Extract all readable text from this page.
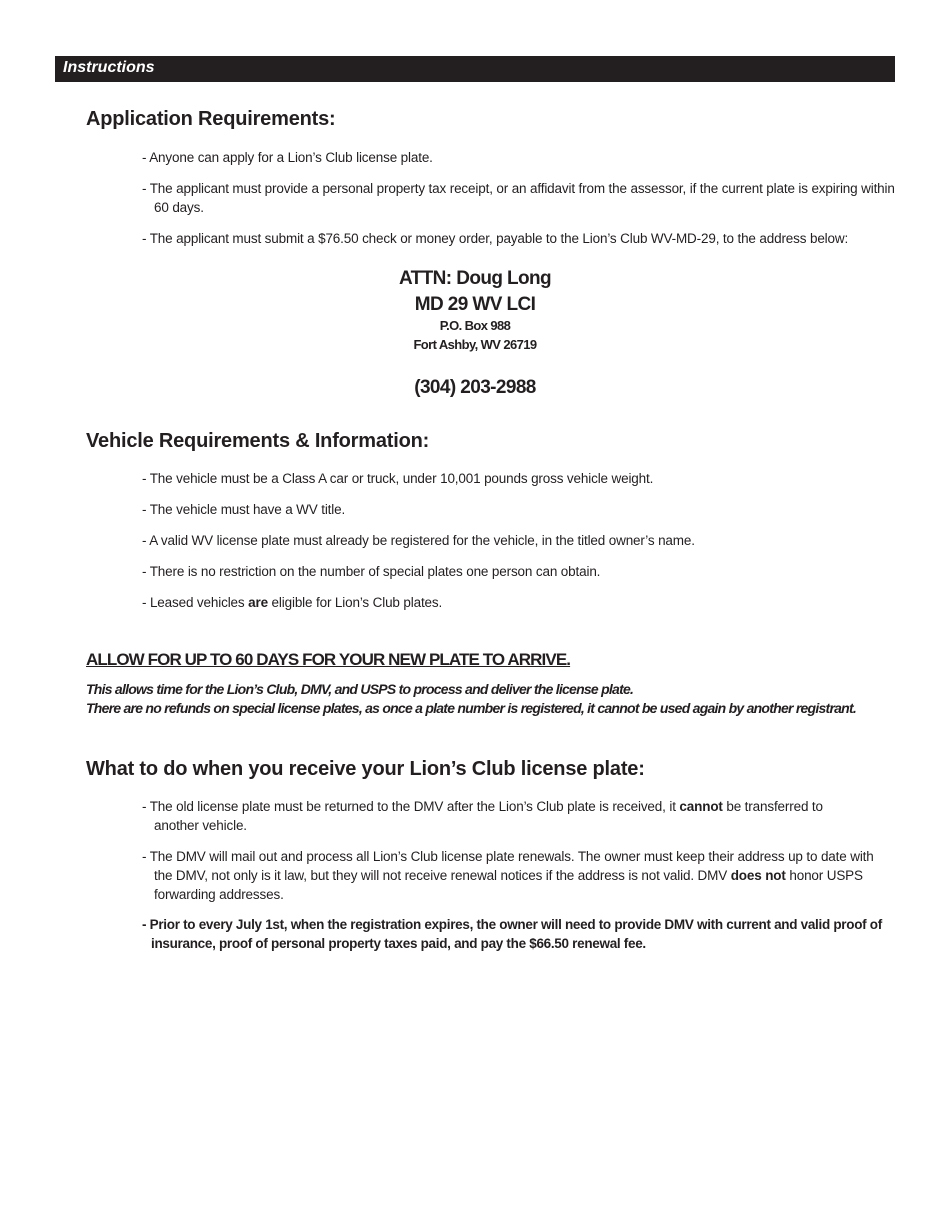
Instructions
Application Requirements:

- Anyone can apply for a Lion’s Club license plate.

- The applicant must provide a personal property tax receipt, or an affidavit from the assessor, if the current plate is expiring within 60 days.

- The applicant must submit a $76.50 check or money order, payable to the Lion’s Club WV-MD-29, to the address below:

ATTN: Doug Long

MD 29 WV LCI

P.O. Box 988

Fort Ashby, WV 26719

(304) 203-2988

Vehicle Requirements & Information:

- The vehicle must be a Class A car or truck, under 10,001 pounds gross vehicle weight.

- The vehicle must have a WV title.

- A valid WV license plate must already be registered for the vehicle, in the titled owner’s name.

- There is no restriction on the number of special plates one person can obtain.

- Leased vehicles are eligible for Lion’s Club plates.

ALLOW FOR UP TO 60 DAYS FOR YOUR NEW PLATE TO ARRIVE.

This allows time for the Lion’s Club, DMV, and USPS to process and deliver the license plate.

There are no refunds on special license plates, as once a plate number is registered, it cannot be used again by another registrant.

What to do when you receive your Lion’s Club license plate:

- The old license plate must be returned to the DMV after the Lion’s Club plate is received, it cannot be transferred to another vehicle.

- The DMV will mail out and process all Lion’s Club license plate renewals. The owner must keep their address up to date with the DMV, not only is it law, but they will not receive renewal notices if the address is not valid. DMV does not honor USPS forwarding addresses.

- Prior to every July 1st, when the registration expires, the owner will need to provide DMV with current and valid proof of insurance, proof of personal property taxes paid, and pay the $66.50 renewal fee.
